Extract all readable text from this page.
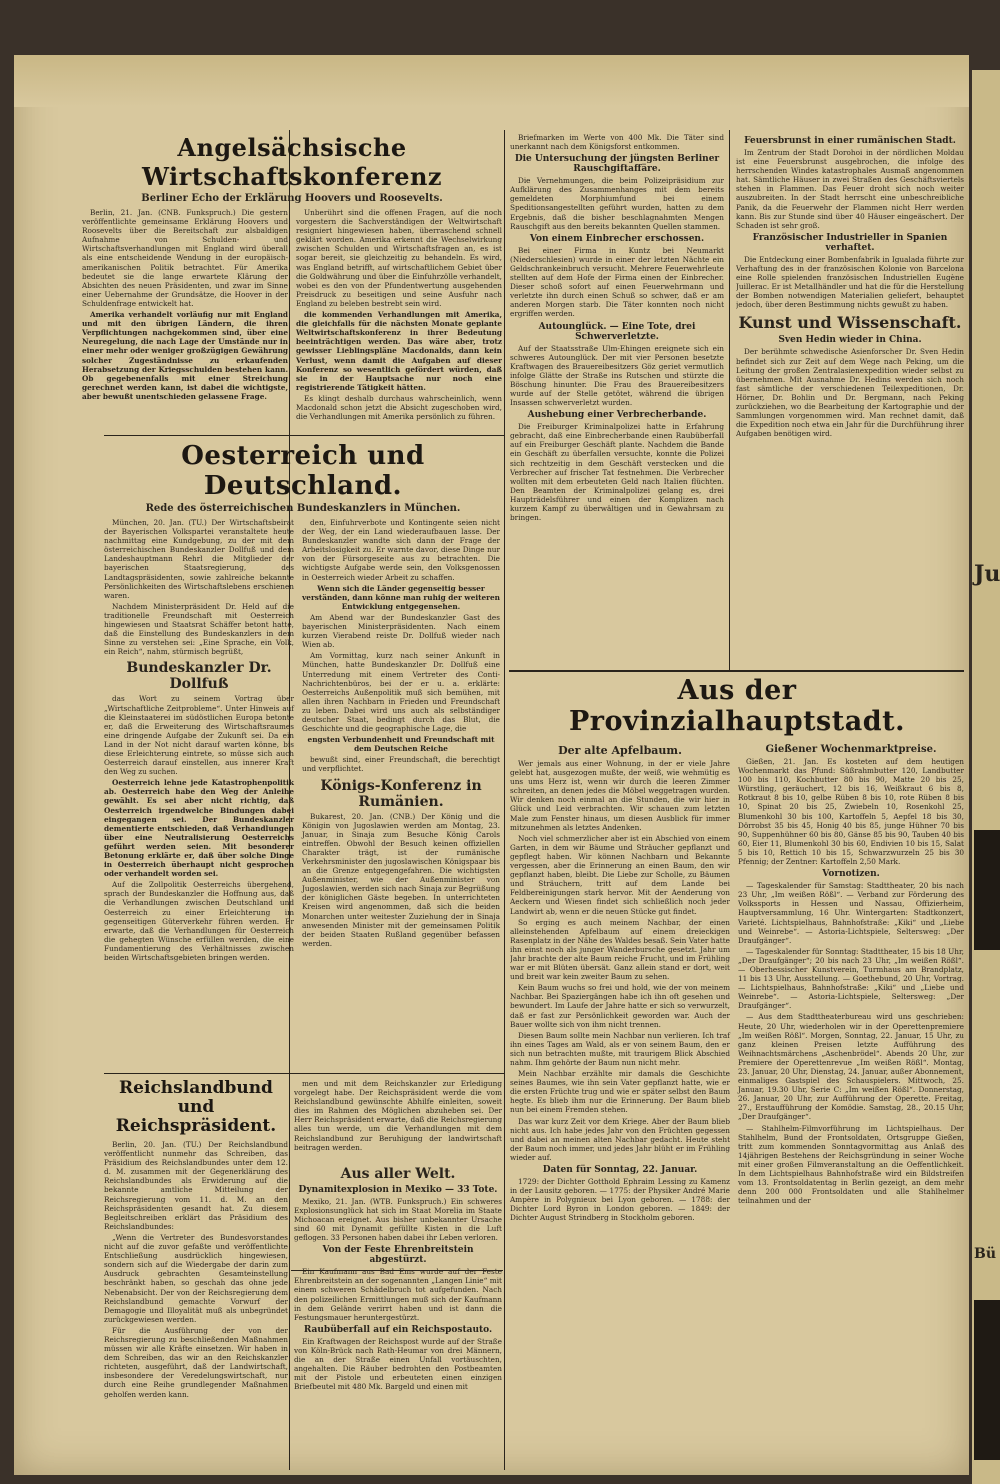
Angelsächsische Wirtschaftskonferenz
Berliner Echo der Erklärung Hoovers und Roosevelts.

Berlin, 21. Jan. (CNB. Funkspruch.) Die gestern veröffentlichte gemeinsame Erklärung Hoovers und Roosevelts über die Bereitschaft zur alsbaldigen Aufnahme von Schulden- und Wirtschaftsverhandlungen mit England wird überall als eine entscheidende Wendung in der europäisch-amerikanischen Politik betrachtet. Für Amerika bedeutet sie die lange erwartete Klärung der Absichten des neuen Präsidenten, und zwar im Sinne einer Uebernahme der Grundsätze, die Hoover in der Schuldenfrage entwickelt hat.

Amerika verhandelt vorläufig nur mit England und mit den übrigen Ländern, die ihren Verpflichtungen nachgekommen sind, über eine Neuregelung, die nach Lage der Umstände nur in einer mehr oder weniger großzügigen Gewährung solcher Zugeständnisse zu erkaufenden Herabsetzung der Kriegsschulden bestehen kann. Ob gegebenenfalls mit einer Streichung gerechnet werden kann, ist dabei die wichtigste, aber bewußt unentschieden gelassene Frage.

Unberührt sind die offenen Fragen, auf die noch vorgestern die Sachverständigen der Weltwirtschaft resigniert hingewiesen haben, überraschend schnell geklärt worden. Amerika erkennt die Wechselwirkung zwischen Schulden und Wirtschaftsfragen an, es ist sogar bereit, sie gleichzeitig zu behandeln. Es wird, was England betrifft, auf wirtschaftlichem Gebiet über die Goldwährung und über die Einfuhrzölle verhandelt, wobei es den von der Pfundentwertung ausgehenden Preisdruck zu beseitigen und seine Ausfuhr nach England zu beleben bestrebt sein wird.

die kommenden Verhandlungen mit Amerika, die gleichfalls für die nächsten Monate geplante Weltwirtschaftskonferenz in ihrer Bedeutung beeinträchtigen werden. Das wäre aber, trotz gewisser Lieblingspläne Macdonalds, dann kein Verlust, wenn damit die Aufgaben auf dieser Konferenz so wesentlich gefördert würden, daß sie in der Hauptsache nur noch eine registrierende Tätigkeit hätten.

Es klingt deshalb durchaus wahrscheinlich, wenn Macdonald schon jetzt die Absicht zugeschoben wird, die Verhandlungen mit Amerika persönlich zu führen.

Oesterreich und Deutschland.
Rede des österreichischen Bundeskanzlers in München.

München, 20. Jan. (TU.) Der Wirtschaftsbeirat der Bayerischen Volkspartei veranstaltete heute nachmittag eine Kundgebung, zu der mit dem österreichischen Bundeskanzler Dollfuß und dem Landeshauptmann Rehrl die Mitglieder der bayerischen Staatsregierung, des Landtagspräsidenten, sowie zahlreiche bekannte Persönlichkeiten des Wirtschaftslebens erschienen waren.

Nachdem Ministerpräsident Dr. Held auf die traditionelle Freundschaft mit Oesterreich hingewiesen und Staatsrat Schäffer betont hatte, daß die Einstellung des Bundeskanzlers in dem Sinne zu verstehen sei: „Eine Sprache, ein Volk, ein Reich“, nahm, stürmisch begrüßt,

Bundeskanzler Dr. Dollfuß

das Wort zu seinem Vortrag über „Wirtschaftliche Zeitprobleme“. Unter Hinweis auf die Kleinstaaterei im südöstlichen Europa betonte er, daß die Erweiterung des Wirtschaftsraumes eine dringende Aufgabe der Zukunft sei. Da ein Land in der Not nicht darauf warten könne, bis diese Erleichterung eintrete, so müsse sich auch Oesterreich darauf einstellen, aus innerer Kraft den Weg zu suchen.

Oesterreich lehne jede Katastrophenpolitik ab. Oesterreich habe den Weg der Anleihe gewählt. Es sei aber nicht richtig, daß Oesterreich irgendwelche Bindungen dabei eingegangen sei. Der Bundeskanzler dementierte entschieden, daß Verhandlungen über eine Neutralisierung Oesterreichs geführt werden seien. Mit besonderer Betonung erklärte er, daß über solche Dinge in Oesterreich überhaupt nicht gesprochen oder verhandelt worden sei.

Auf die Zollpolitik Oesterreichs übergehend, sprach der Bundeskanzler die Hoffnung aus, daß die Verhandlungen zwischen Deutschland und Oesterreich zu einer Erleichterung im gegenseitigen Güterverkehr führen werden. Er erwarte, daß die Verhandlungen für Oesterreich die gehegten Wünsche erfüllen werden, die eine Fundamentierung des Verhältnisses zwischen beiden Wirtschaftsgebieten bringen werden.

den, Einfuhrverbote und Kontingente seien nicht der Weg, der ein Land wiederaufbauen lasse. Der Bundeskanzler wandte sich dann der Frage der Arbeitslosigkeit zu. Er warnte davor, diese Dinge nur von der Fürsorgeseite aus zu betrachten. Die wichtigste Aufgabe werde sein, den Volksgenossen in Oesterreich wieder Arbeit zu schaffen.

Wenn sich die Länder gegenseitig besser verständen, dann könne man ruhig der weiteren Entwicklung entgegensehen.

Am Abend war der Bundeskanzler Gast des bayerischen Ministerpräsidenten. Nach einem kurzen Vierabend reiste Dr. Dollfuß wieder nach Wien ab.

Am Vormittag, kurz nach seiner Ankunft in München, hatte Bundeskanzler Dr. Dollfuß eine Unterredung mit einem Vertreter des Conti-Nachrichtenbüros, bei der er u. a. erklärte: Oesterreichs Außenpolitik muß sich bemühen, mit allen ihren Nachbarn in Frieden und Freundschaft zu leben. Dabei wird uns auch als selbständiger deutscher Staat, bedingt durch das Blut, die Geschichte und die geographische Lage, die

engsten Verbundenheit und Freundschaft mit dem Deutschen Reiche

bewußt sind, einer Freundschaft, die berechtigt und verpflichtet.

Königs-Konferenz in Rumänien.

Bukarest, 20. Jan. (CNB.) Der König und die Königin von Jugoslawien werden am Montag, 23. Januar, in Sinaja zum Besuche König Carols eintreffen. Obwohl der Besuch keinen offiziellen Charakter trägt, ist der rumänische Verkehrsminister den jugoslawischen Königspaar bis an die Grenze entgegengefahren. Die wichtigsten Außenminister, wie der Außenminister von Jugoslawien, werden sich nach Sinaja zur Begrüßung der königlichen Gäste begeben. In unterrichteten Kreisen wird angenommen, daß sich die beiden Monarchen unter weitester Zuziehung der in Sinaja anwesenden Minister mit der gemeinsamen Politik der beiden Staaten Rußland gegenüber befassen werden.

Reichslandbund und Reichspräsident.

Berlin, 20. Jan. (TU.) Der Reichslandbund veröffentlicht nunmehr das Schreiben, das Präsidium des Reichslandbundes unter dem 12. d. M. zusammen mit der Gegenerklärung des Reichslandbundes als Erwiderung auf die bekannte amtliche Mitteilung der Reichsregierung vom 11. d. M. an den Reichspräsidenten gesandt hat. Zu diesem Begleitschreiben erklärt das Präsidium des Reichslandbundes:

„Wenn die Vertreter des Bundesvorstandes nicht auf die zuvor gefaßte und veröffentlichte Entschließung ausdrücklich hingewiesen, sondern sich auf die Wiedergabe der darin zum Ausdruck gebrachten Gesamteinstellung beschränkt haben, so geschah das ohne jede Nebenabsicht. Der von der Reichsregierung dem Reichslandbund gemachte Vorwurf der Demagogie und Illoyalität muß als unbegründet zurückgewiesen werden.

Für die Ausführung der von der Reichsregierung zu beschließenden Maßnahmen müssen wir alle Kräfte einsetzen. Wir haben in dem Schreiben, das wir an den Reichskanzler richteten, ausgeführt, daß der Landwirtschaft, insbesondere der Veredelungswirtschaft, nur durch eine Reihe grundlegender Maßnahmen geholfen werden kann.

men und mit dem Reichskanzler zur Erledigung vorgelegt habe. Der Reichspräsident werde die vom Reichslandbund gewünschte Abhilfe einleiten, soweit dies im Rahmen des Möglichen abzuheben sei. Der Herr Reichspräsident erwarte, daß die Reichsregierung alles tun werde, um die Verhandlungen mit dem Reichslandbund zur Beruhigung der landwirtschaft beitragen werden.

Aus aller Welt.
Dynamitexplosion in Mexiko — 33 Tote.

Mexiko, 21. Jan. (WTB. Funkspruch.) Ein schweres Explosionsunglück hat sich im Staat Morelia im Staate Michoacan ereignet. Aus bisher unbekannter Ursache sind 60 mit Dynamit gefüllte Kisten in die Luft geflogen. 33 Personen haben dabei ihr Leben verloren.

Von der Feste Ehrenbreitstein abgestürzt.

Ein Kaufmann aus Bad Ems wurde auf der Feste Ehrenbreitstein an der sogenannten „Langen Linie“ mit einem schweren Schädelbruch tot aufgefunden. Nach den polizeilichen Ermittlungen muß sich der Kaufmann in dem Gelände verirrt haben und ist dann die Festungsmauer heruntergestürzt.

Raubüberfall auf ein Reichspostauto.

Ein Kraftwagen der Reichspost wurde auf der Straße von Köln-Brück nach Rath-Heumar von drei Männern, die an der Straße einen Unfall vortäuschten, angehalten. Die Räuber bedrohten den Postbeamten mit der Pistole und erbeuteten einen einzigen Briefbeutel mit 480 Mk. Bargeld und einen mit

Briefmarken im Werte von 400 Mk. Die Täter sind unerkannt nach dem Königsforst entkommen.

Die Untersuchung der jüngsten Berliner Rauschgiftaffäre.

Die Vernehmungen, die beim Polizeipräsidium zur Aufklärung des Zusammenhanges mit dem bereits gemeldeten Morphiumfund bei einem Speditionsangestellten geführt wurden, hatten zu dem Ergebnis, daß die bisher beschlagnahmten Mengen Rauschgift aus den bereits bekannten Quellen stammen.

Von einem Einbrecher erschossen.

Bei einer Firma in Kuntz bei Neumarkt (Niederschlesien) wurde in einer der letzten Nächte ein Geldschrankeinbruch versucht. Mehrere Feuerwehrleute stellten auf dem Hofe der Firma einen der Einbrecher. Dieser schoß sofort auf einen Feuerwehrmann und verletzte ihn durch einen Schuß so schwer, daß er am anderen Morgen starb. Die Täter konnten noch nicht ergriffen werden.

Autounglück. — Eine Tote, drei Schwerverletzte.

Auf der Staatsstraße Ulm-Ehingen ereignete sich ein schweres Autounglück. Der mit vier Personen besetzte Kraftwagen des Brauereibesitzers Göz geriet vermutlich infolge Glätte der Straße ins Rutschen und stürzte die Böschung hinunter. Die Frau des Brauereibesitzers wurde auf der Stelle getötet, während die übrigen Insassen schwerverletzt wurden.

Aushebung einer Verbrecherbande.

Die Freiburger Kriminalpolizei hatte in Erfahrung gebracht, daß eine Einbrecherbande einen Raubüberfall auf ein Freiburger Geschäft plante. Nachdem die Bande ein Geschäft zu überfallen versuchte, konnte die Polizei sich rechtzeitig in dem Geschäft verstecken und die Verbrecher auf frischer Tat festnehmen. Die Verbrecher wollten mit dem erbeuteten Geld nach Italien flüchten. Den Beamten der Kriminalpolizei gelang es, drei Haupträdelsführer und einen der Komplizen nach kurzem Kampf zu überwältigen und in Gewahrsam zu bringen.

Feuersbrunst in einer rumänischen Stadt.

Im Zentrum der Stadt Dorohoi in der nördlichen Moldau ist eine Feuersbrunst ausgebrochen, die infolge des herrschenden Windes katastrophales Ausmaß angenommen hat. Sämtliche Häuser in zwei Straßen des Geschäftsviertels stehen in Flammen. Das Feuer droht sich noch weiter auszubreiten. In der Stadt herrscht eine unbeschreibliche Panik, da die Feuerwehr der Flammen nicht Herr werden kann. Bis zur Stunde sind über 40 Häuser eingeäschert. Der Schaden ist sehr groß.

Französischer Industrieller in Spanien verhaftet.

Die Entdeckung einer Bombenfabrik in Igualada führte zur Verhaftung des in der französischen Kolonie von Barcelona eine Rolle spielenden französischen Industriellen Eugène Juillerac. Er ist Metallhändler und hat die für die Herstellung der Bomben notwendigen Materialien geliefert, behauptet jedoch, über deren Bestimmung nichts gewußt zu haben.

Kunst und Wissenschaft.
Sven Hedin wieder in China.

Der berühmte schwedische Asienforscher Dr. Sven Hedin befindet sich zur Zeit auf dem Wege nach Peking, um die Leitung der großen Zentralasienexpedition wieder selbst zu übernehmen. Mit Ausnahme Dr. Hedins werden sich noch fast sämtliche der verschiedenen Teilexpeditionen, Dr. Hörner, Dr. Bohlin und Dr. Bergmann, nach Peking zurückziehen, wo die Bearbeitung der Kartographie und der Sammlungen vorgenommen wird. Man rechnet damit, daß die Expedition noch etwa ein Jahr für die Durchführung ihrer Aufgaben benötigen wird.

Aus der Provinzialhauptstadt.
Der alte Apfelbaum.

Wer jemals aus einer Wohnung, in der er viele Jahre gelebt hat, ausgezogen mußte, der weiß, wie wehmütig es uns ums Herz ist, wenn wir durch die leeren Zimmer schreiten, an denen jedes die Möbel weggetragen wurden. Wir denken noch einmal an die Stunden, die wir hier in Glück und Leid verbrachten. Wir schauen zum letzten Male zum Fenster hinaus, um diesen Ausblick für immer mitzunehmen als letztes Andenken.

Noch viel schmerzlicher aber ist ein Abschied von einem Garten, in dem wir Bäume und Sträucher gepflanzt und gepflegt haben. Wir können Nachbarn und Bekannte vergessen, aber die Erinnerung an einen Baum, den wir gepflanzt haben, bleibt. Die Liebe zur Scholle, zu Bäumen und Sträuchern, tritt auf dem Lande bei Feldbereinigungen stark hervor. Mit der Aenderung von Aeckern und Wiesen findet sich schließlich noch jeder Landwirt ab, wenn er die neuen Stücke gut findet.

So erging es auch meinem Nachbar, der einen alleinstehenden Apfelbaum auf einem dreieckigen Rasenplatz in der Nähe des Waldes besaß. Sein Vater hatte ihn einst noch als junger Wanderbursche gesetzt. Jahr um Jahr brachte der alte Baum reiche Frucht, und im Frühling war er mit Blüten übersät. Ganz allein stand er dort, weit und breit war kein zweiter Baum zu sehen.

Kein Baum wuchs so frei und hold, wie der von meinem Nachbar. Bei Spaziergängen habe ich ihn oft gesehen und bewundert. Im Laufe der Jahre hatte er sich so verwurzelt, daß er fast zur Persönlichkeit geworden war. Auch der Bauer wollte sich von ihm nicht trennen.

Diesen Baum sollte mein Nachbar nun verlieren. Ich traf ihn eines Tages am Wald, als er von seinem Baum, den er sich nun betrachten mußte, mit traurigem Blick Abschied nahm. Ihm gehörte der Baum nun nicht mehr.

Mein Nachbar erzählte mir damals die Geschichte seines Baumes, wie ihn sein Vater gepflanzt hatte, wie er die ersten Früchte trug und wie er später selbst den Baum hegte. Es blieb ihm nur die Erinnerung. Der Baum blieb nun bei einem Fremden stehen.

Das war kurz Zeit vor dem Kriege. Aber der Baum blieb nicht aus. Ich habe jedes Jahr von den Früchten gegessen und dabei an meinen alten Nachbar gedacht. Heute steht der Baum noch immer, und jedes Jahr blüht er im Frühling wieder auf.

Daten für Sonntag, 22. Januar.

1729: der Dichter Gotthold Ephraim Lessing zu Kamenz in der Lausitz geboren. — 1775: der Physiker André Marie Ampère in Polygnieux bei Lyon geboren. — 1788: der Dichter Lord Byron in London geboren. — 1849: der Dichter August Strindberg in Stockholm geboren.

Gießener Wochenmarktpreise.

Gießen, 21. Jan. Es kosteten auf dem heutigen Wochenmarkt das Pfund: Süßrahmbutter 120, Landbutter 100 bis 110, Kochbutter 80 bis 90, Matte 20 bis 25, Würstling, geräuchert, 12 bis 16, Weißkraut 6 bis 8, Rotkraut 8 bis 10, gelbe Rüben 8 bis 10, rote Rüben 8 bis 10, Spinat 20 bis 25, Zwiebeln 10, Rosenkohl 25, Blumenkohl 30 bis 100, Kartoffeln 5, Aepfel 18 bis 30, Dörrobst 35 bis 45, Honig 40 bis 85, junge Hühner 70 bis 90, Suppenhühner 60 bis 80, Gänse 85 bis 90, Tauben 40 bis 60, Eier 11, Blumenkohl 30 bis 60, Endivien 10 bis 15, Salat 5 bis 10, Rettich 10 bis 15, Schwarzwurzeln 25 bis 30 Pfennig; der Zentner: Kartoffeln 2,50 Mark.

Vornotizen.

— Tageskalender für Samstag: Stadttheater, 20 bis nach 23 Uhr, „Im weißen Rößl“. — Verband zur Förderung des Volkssports in Hessen und Nassau, Offizierheim, Hauptversammlung, 16 Uhr. Wintergarten: Stadtkonzert, Varieté. Lichtspielhaus, Bahnhofstraße: „Kiki“ und „Liebe und Weinrebe“. — Astoria-Lichtspiele, Seltersweg: „Der Draufgänger“.

— Tageskalender für Sonntag: Stadttheater, 15 bis 18 Uhr, „Der Draufgänger“; 20 bis nach 23 Uhr, „Im weißen Rößl“. — Oberhessischer Kunstverein, Turmhaus am Brandplatz, 11 bis 13 Uhr, Ausstellung. — Goethebund, 20 Uhr, Vortrag. — Lichtspielhaus, Bahnhofstraße: „Kiki“ und „Liebe und Weinrebe“. — Astoria-Lichtspiele, Seltersweg: „Der Draufgänger“.

— Aus dem Stadttheaterbureau wird uns geschrieben: Heute, 20 Uhr, wiederholen wir in der Operettenpremiere „Im weißen Rößl“. Morgen, Sonntag, 22. Januar, 15 Uhr, zu ganz kleinen Preisen letzte Aufführung des Weihnachtsmärchens „Aschenbrödel“. Abends 20 Uhr, zur Premiere der Operettenrevue „Im weißen Rößl“. Montag, 23. Januar, 20 Uhr, Dienstag, 24. Januar, außer Abonnement, einmaliges Gastspiel des Schauspielers. Mittwoch, 25. Januar, 19.30 Uhr, Serie C: „Im weißen Rößl“. Donnerstag, 26. Januar, 20 Uhr, zur Aufführung der Operette. Freitag, 27., Erstaufführung der Komödie. Samstag, 28., 20.15 Uhr, „Der Draufgänger“.

— Stahlhelm-Filmvorführung im Lichtspielhaus. Der Stahlhelm, Bund der Frontsoldaten, Ortsgruppe Gießen, tritt zum kommenden Sonntagvormittag aus Anlaß des 14jährigen Bestehens der Reichsgründung in seiner Woche mit einer großen Filmveranstaltung an die Oeffentlichkeit. In dem Lichtspielhaus Bahnhofstraße wird ein Bildstreifen vom 13. Frontsoldatentag in Berlin gezeigt, an dem mehr denn 200 000 Frontsoldaten und alle Stahlhelmer teilnahmen und der

Ju
Bü
